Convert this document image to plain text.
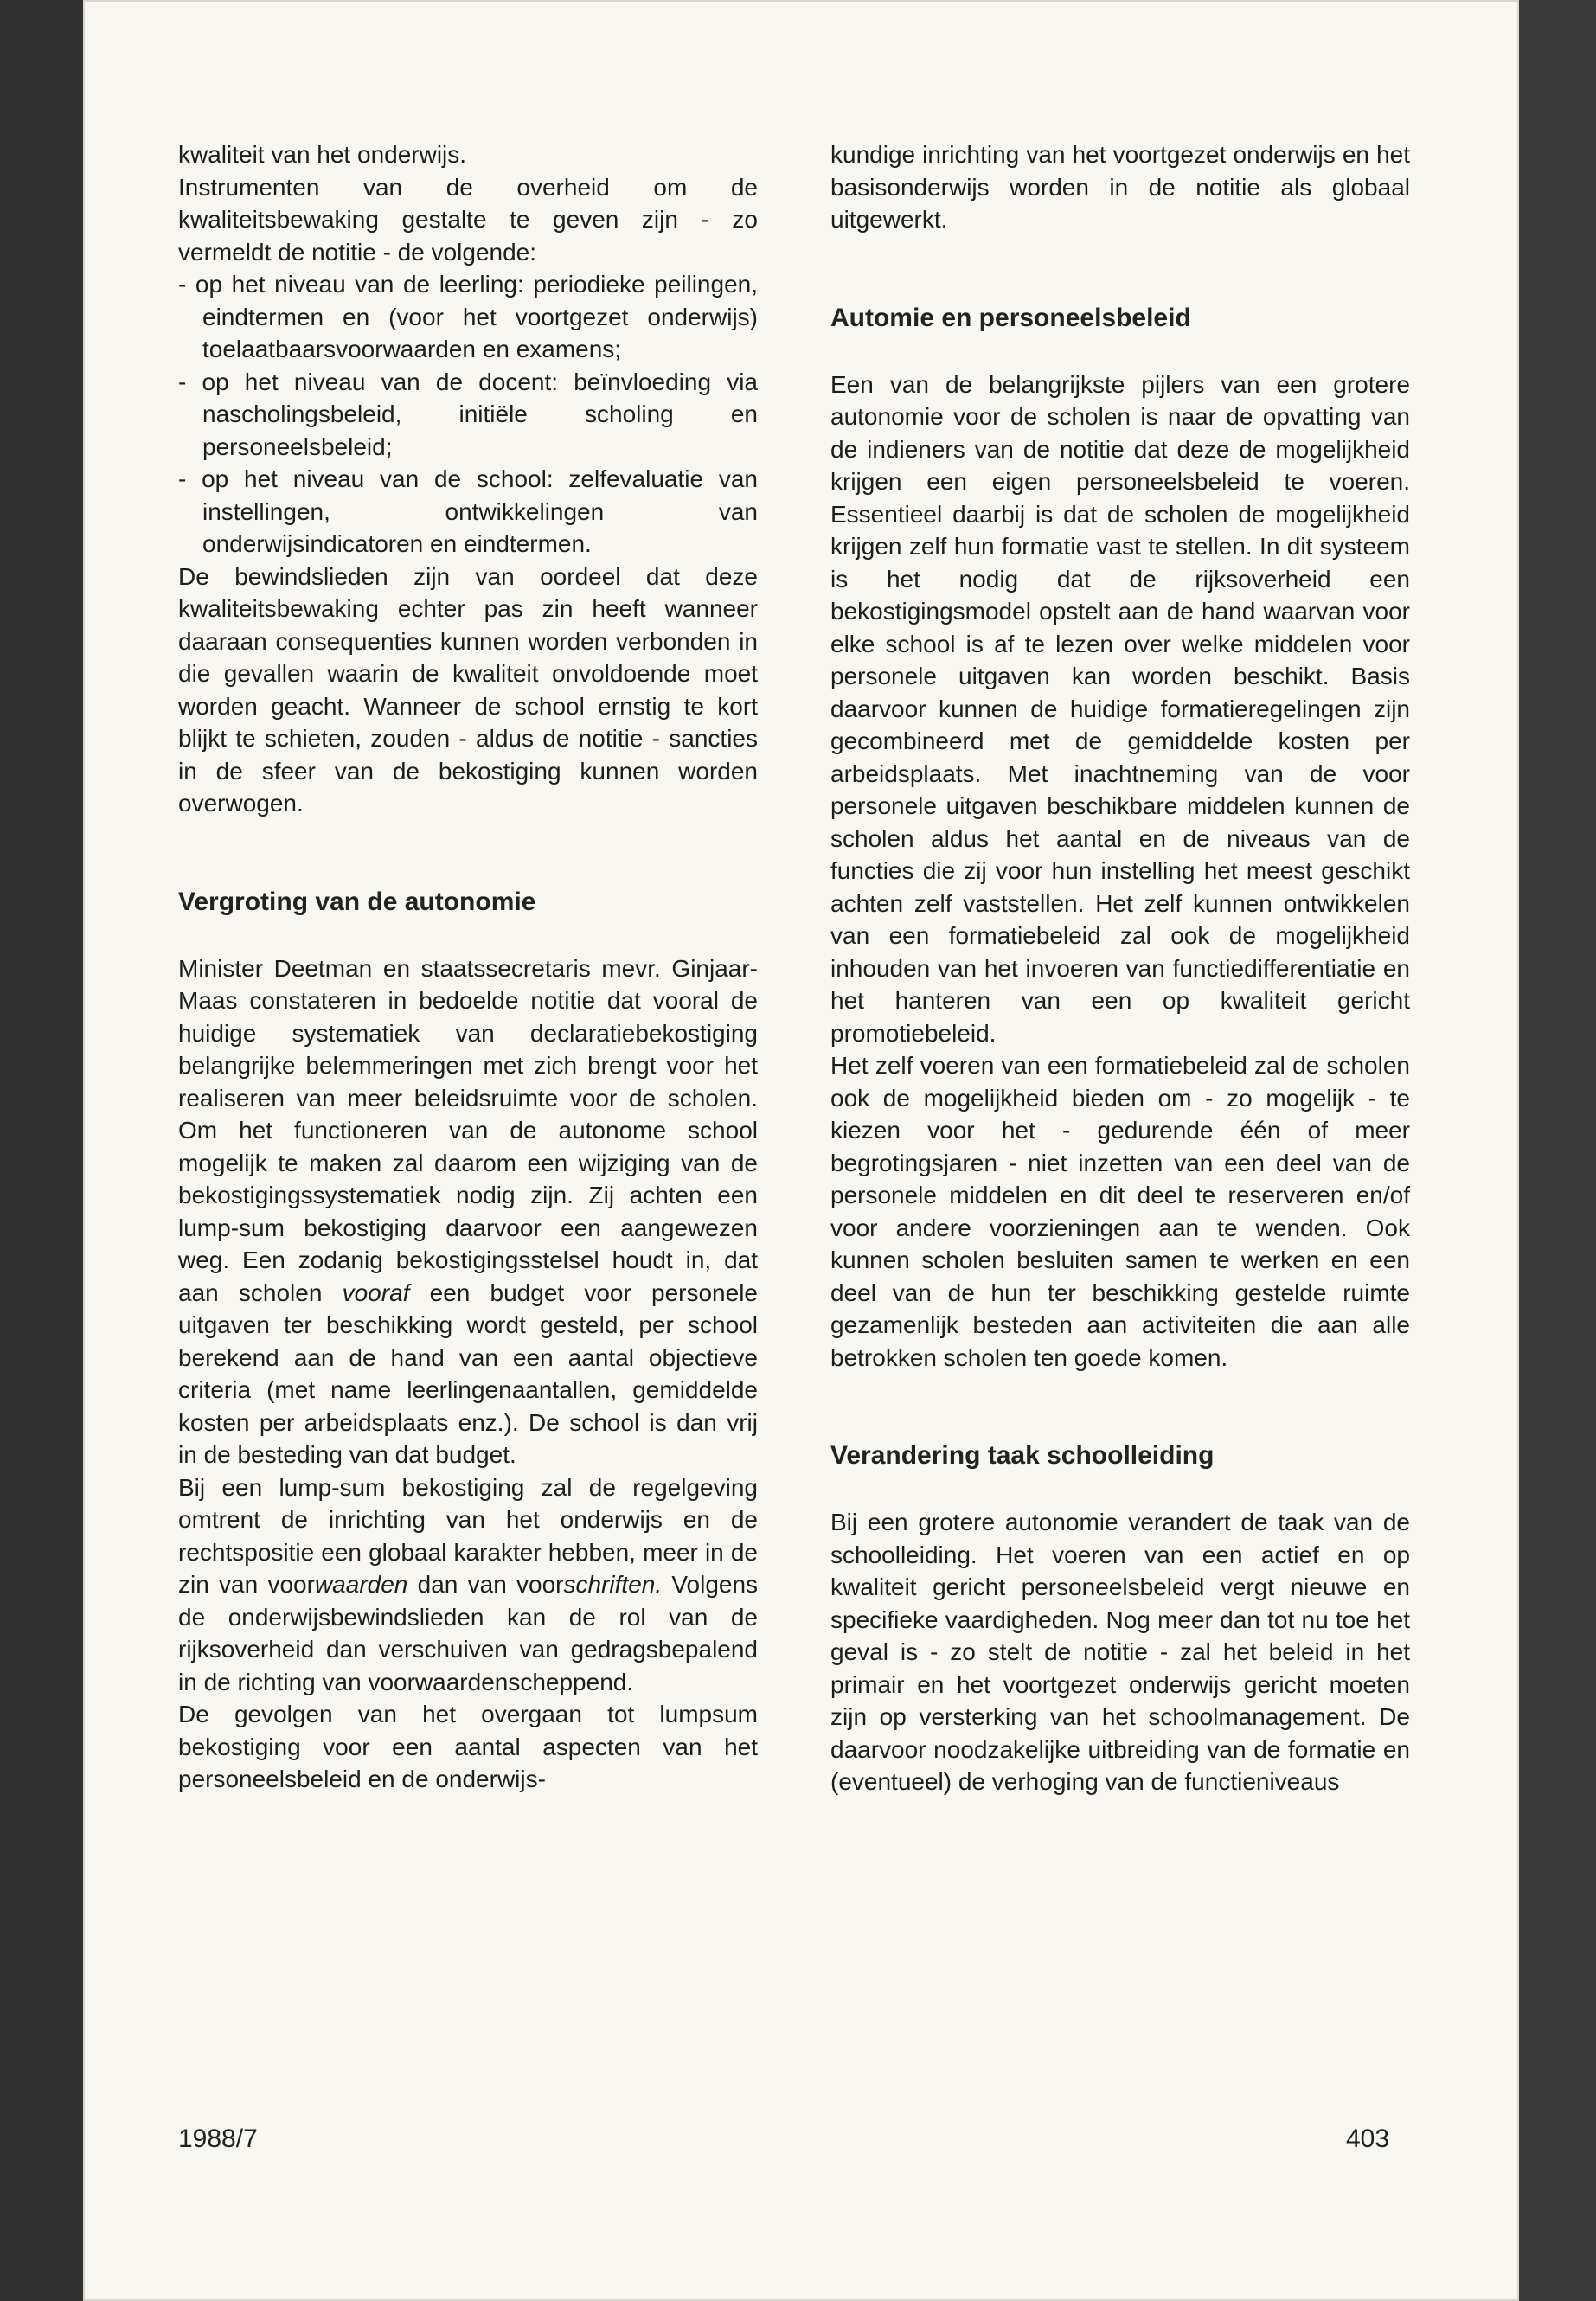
kwaliteit van het onderwijs.

Instrumenten van de overheid om de kwaliteitsbewaking gestalte te geven zijn - zo vermeldt de notitie - de volgende:

- op het niveau van de leerling: periodieke peilingen, eindtermen en (voor het voortgezet onderwijs) toelaatbaarsvoorwaarden en examens;

- op het niveau van de docent: beïnvloeding via nascholingsbeleid, initiële scholing en personeelsbeleid;

- op het niveau van de school: zelfevaluatie van instellingen, ontwikkelingen van onderwijsindicatoren en eindtermen.

De bewindslieden zijn van oordeel dat deze kwaliteitsbewaking echter pas zin heeft wanneer daaraan consequenties kunnen worden verbonden in die gevallen waarin de kwaliteit onvoldoende moet worden geacht. Wanneer de school ernstig te kort blijkt te schieten, zouden - aldus de notitie - sancties in de sfeer van de bekostiging kunnen worden overwogen.

Vergroting van de autonomie

Minister Deetman en staatssecretaris mevr. Ginjaar-Maas constateren in bedoelde notitie dat vooral de huidige systematiek van declaratiebekostiging belangrijke belemmeringen met zich brengt voor het realiseren van meer beleidsruimte voor de scholen. Om het functioneren van de autonome school mogelijk te maken zal daarom een wijziging van de bekostigingssystematiek nodig zijn. Zij achten een lump-sum bekostiging daarvoor een aangewezen weg. Een zodanig bekostigingsstelsel houdt in, dat aan scholen vooraf een budget voor personele uitgaven ter beschikking wordt gesteld, per school berekend aan de hand van een aantal objectieve criteria (met name leerlingenaantallen, gemiddelde kosten per arbeidsplaats enz.). De school is dan vrij in de besteding van dat budget.

Bij een lump-sum bekostiging zal de regelgeving omtrent de inrichting van het onderwijs en de rechtspositie een globaal karakter hebben, meer in de zin van voorwaarden dan van voorschriften. Volgens de onderwijsbewindslieden kan de rol van de rijksoverheid dan verschuiven van gedragsbepalend in de richting van voorwaardenscheppend.

De gevolgen van het overgaan tot lumpsum bekostiging voor een aantal aspecten van het personeelsbeleid en de onderwijs-

kundige inrichting van het voortgezet onderwijs en het basisonderwijs worden in de notitie als globaal uitgewerkt.

Automie en personeelsbeleid

Een van de belangrijkste pijlers van een grotere autonomie voor de scholen is naar de opvatting van de indieners van de notitie dat deze de mogelijkheid krijgen een eigen personeelsbeleid te voeren. Essentieel daarbij is dat de scholen de mogelijkheid krijgen zelf hun formatie vast te stellen. In dit systeem is het nodig dat de rijksoverheid een bekostigingsmodel opstelt aan de hand waarvan voor elke school is af te lezen over welke middelen voor personele uitgaven kan worden beschikt. Basis daarvoor kunnen de huidige formatieregelingen zijn gecombineerd met de gemiddelde kosten per arbeidsplaats. Met inachtneming van de voor personele uitgaven beschikbare middelen kunnen de scholen aldus het aantal en de niveaus van de functies die zij voor hun instelling het meest geschikt achten zelf vaststellen. Het zelf kunnen ontwikkelen van een formatiebeleid zal ook de mogelijkheid inhouden van het invoeren van functiedifferentiatie en het hanteren van een op kwaliteit gericht promotiebeleid.

Het zelf voeren van een formatiebeleid zal de scholen ook de mogelijkheid bieden om - zo mogelijk - te kiezen voor het - gedurende één of meer begrotingsjaren - niet inzetten van een deel van de personele middelen en dit deel te reserveren en/of voor andere voorzieningen aan te wenden. Ook kunnen scholen besluiten samen te werken en een deel van de hun ter beschikking gestelde ruimte gezamenlijk besteden aan activiteiten die aan alle betrokken scholen ten goede komen.

Verandering taak schoolleiding

Bij een grotere autonomie verandert de taak van de schoolleiding. Het voeren van een actief en op kwaliteit gericht personeelsbeleid vergt nieuwe en specifieke vaardigheden. Nog meer dan tot nu toe het geval is - zo stelt de notitie - zal het beleid in het primair en het voortgezet onderwijs gericht moeten zijn op versterking van het schoolmanagement. De daarvoor noodzakelijke uitbreiding van de formatie en (eventueel) de verhoging van de functieniveaus

1988/7	403
